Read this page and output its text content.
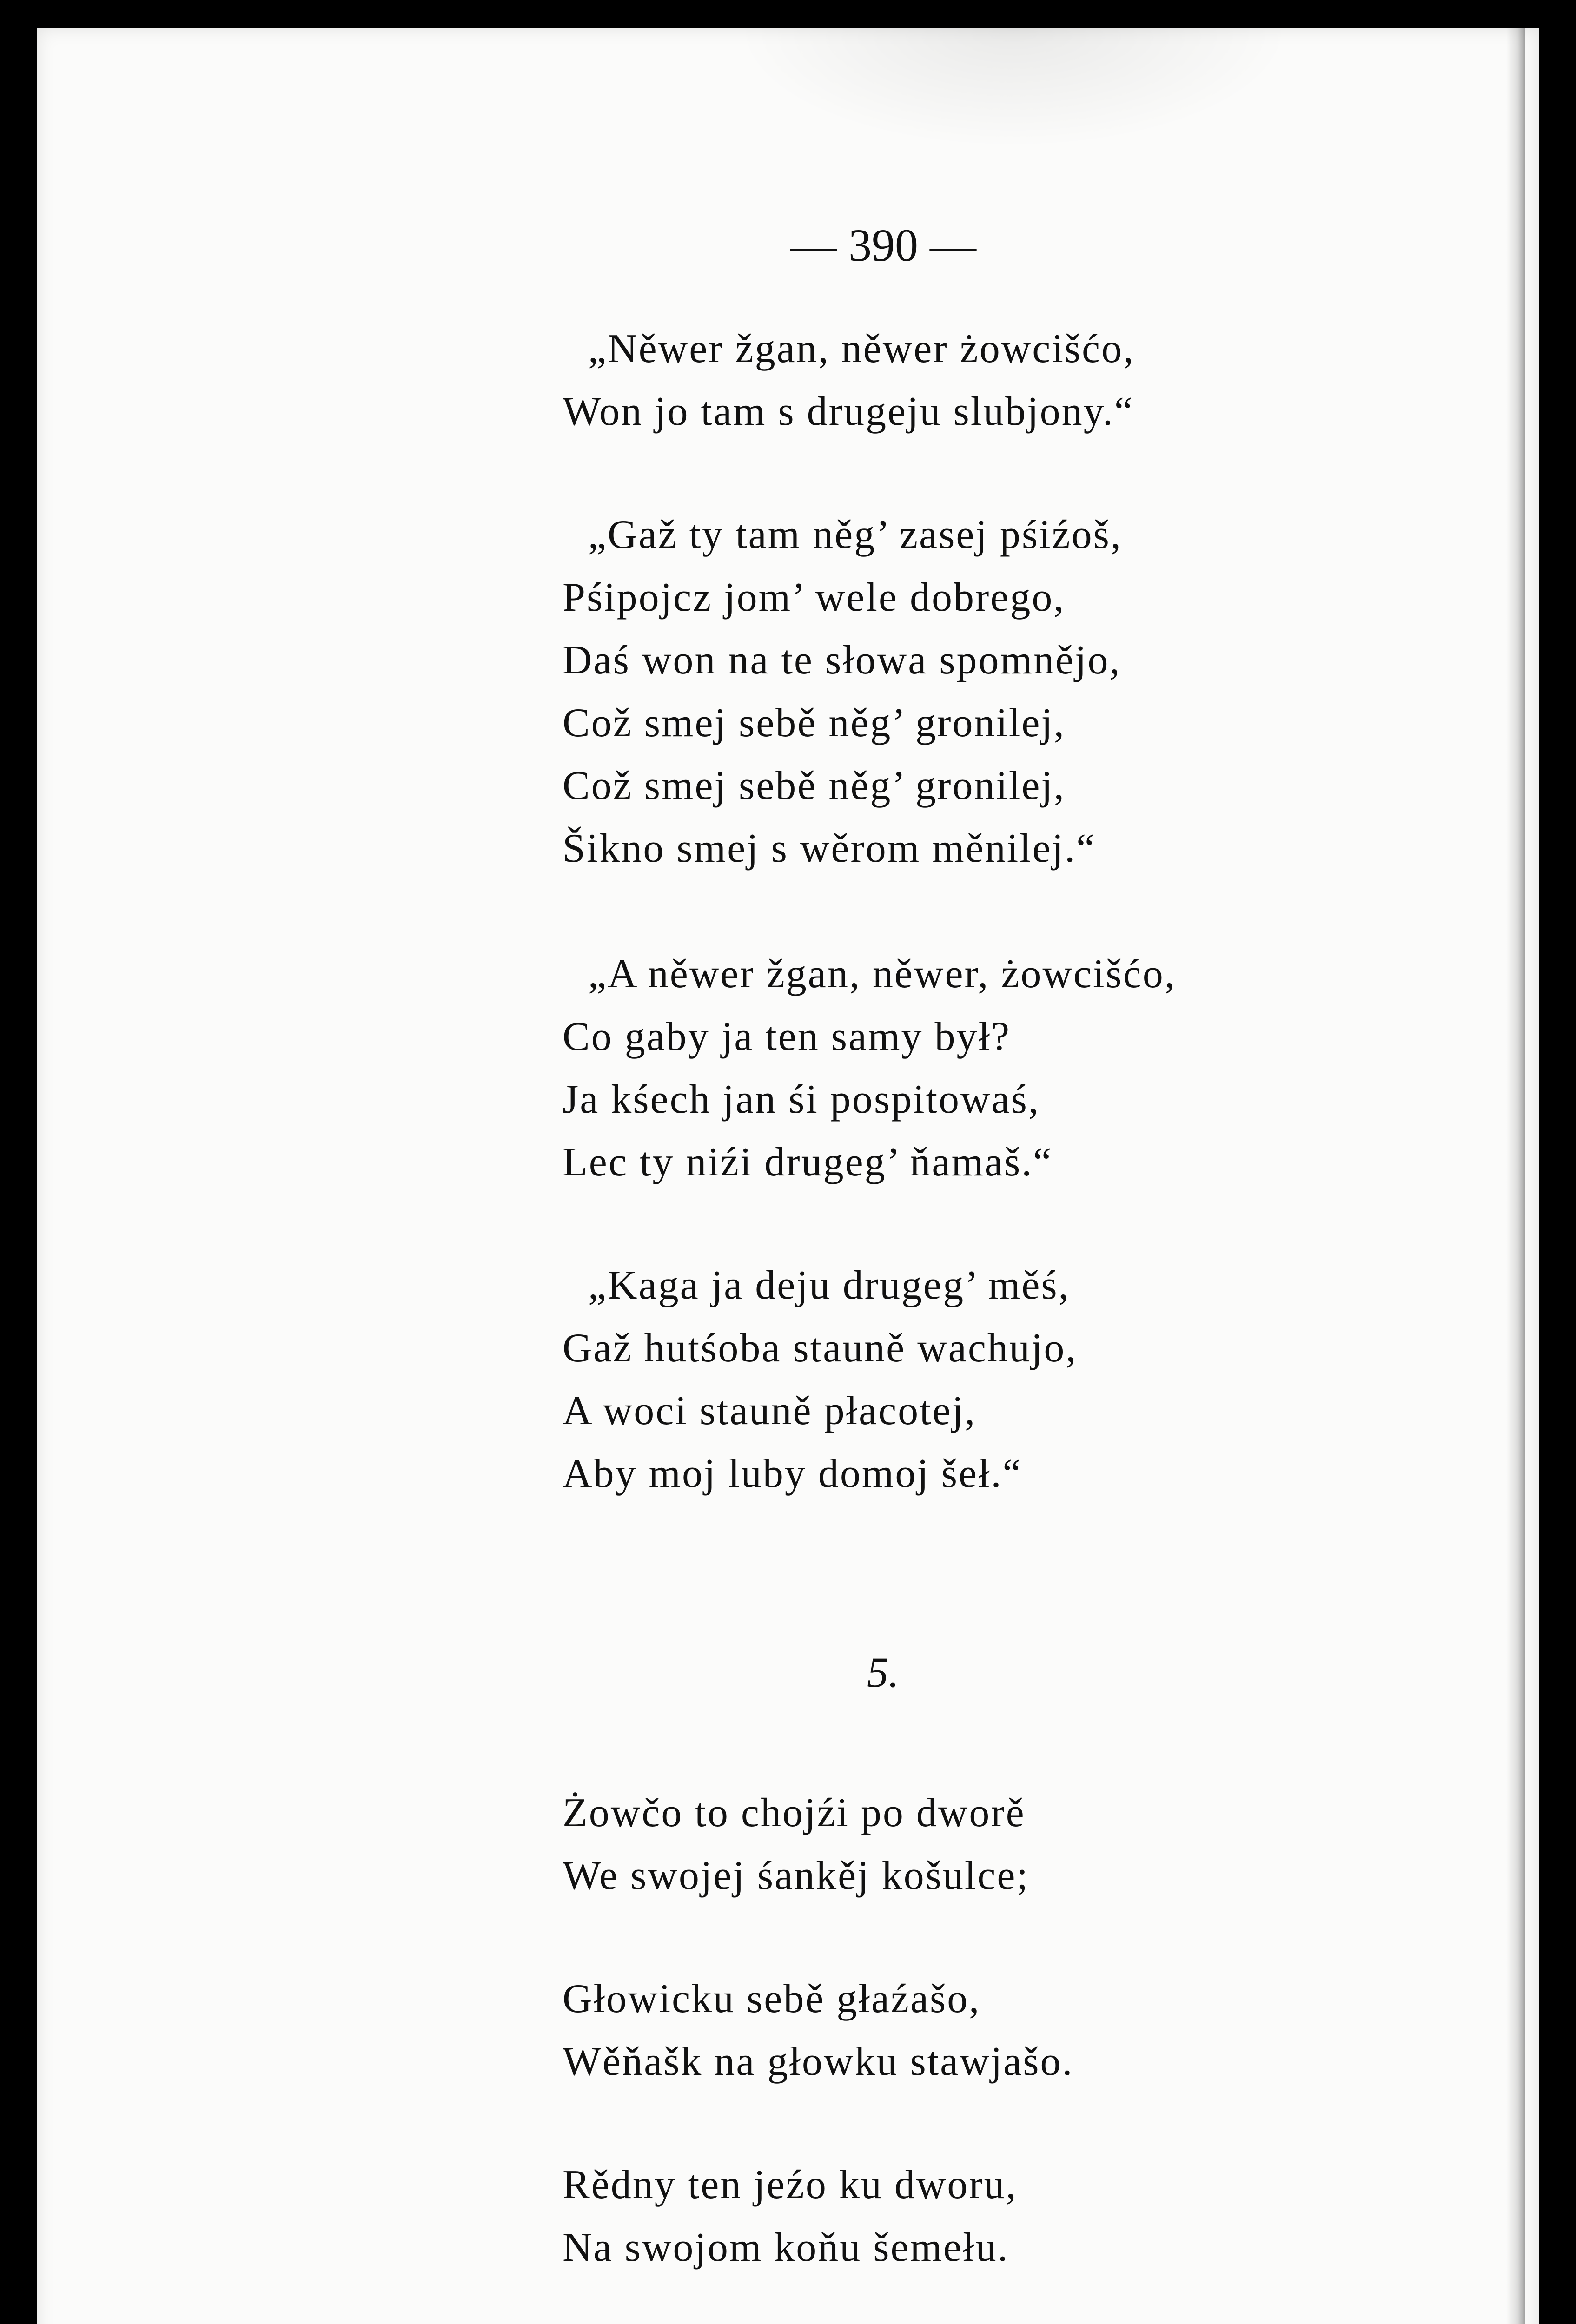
— 390 —
„Něwer žgan, něwer żowcišćo,
Won jo tam s drugeju slubjony.“
„Gaž ty tam něg’ zasej pśiźoš,
Pśipojcz jom’ wele dobrego,
Daś won na te słowa spomnějo,
Což smej sebě něg’ gronilej,
Což smej sebě něg’ gronilej,
Šikno smej s wěrom měnilej.“
„A něwer žgan, něwer, żowcišćo,
Co gaby ja ten samy był?
Ja kśech jan śi pospitowaś,
Lec ty niźi drugeg’ ňamaš.“
„Kaga ja deju drugeg’ měś,
Gaž hutśoba stauně wachujo,
A woci stauně płacotej,
Aby moj luby domoj šeł.“
5.
Żowčo to chojźi po dworě
We swojej śankěj košulce;
Głowicku sebě głaźašo,
Wěňašk na głowku stawjašo.
Rědny ten jeźo ku dworu,
Na swojom koňu šemełu.
